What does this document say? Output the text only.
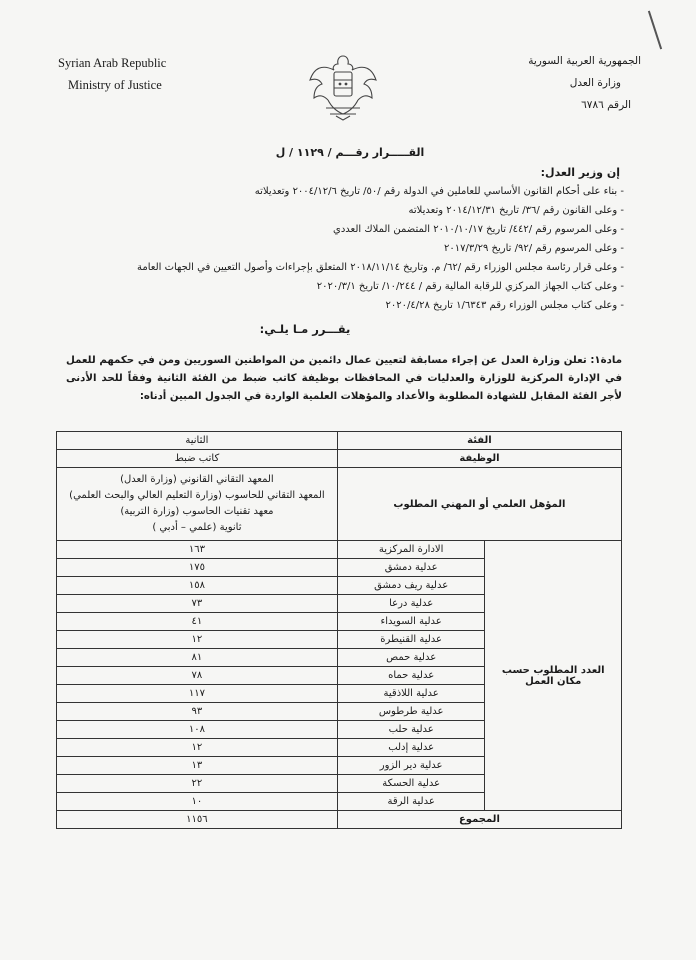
Syrian Arab Republic
Ministry of Justice
الجمهورية العربية السورية
وزارة العدل
الرقم ٦٧٨٦
القـــــرار رقـــم / ١١٢٩ / ل
إن وزير العدل:
- بناء على أحكام القانون الأساسي للعاملين في الدولة رقم /٥٠/ تاريخ ٢٠٠٤/١٢/٦ وتعديلاته
- وعلى القانون رقم /٣٦/ تاريخ ٢٠١٤/١٢/٣١ وتعديلاته
- وعلى المرسوم رقم /٤٤٢/ تاريخ ٢٠١٠/١٠/١٧ المتضمن الملاك العددي
- وعلى المرسوم رقم /٩٢/ تاريخ ٢٠١٧/٣/٢٩
- وعلى قرار رئاسة مجلس الوزراء رقم /٦٢/ م. وتاريخ ٢٠١٨/١١/١٤ المتعلق بإجراءات وأصول التعيين في الجهات العامة
- وعلى كتاب الجهاز المركزي للرقابة المالية رقم / ١٠/٢٤٤/ تاريخ ٢٠٢٠/٣/١
- وعلى كتاب مجلس الوزراء رقم ١/٦٣٤٣ تاريخ ٢٠٢٠/٤/٢٨
يقـــرر مـا يلـي:
مادة١: تعلن وزارة العدل عن إجراء مسابقة لتعيين عمال دائمين من المواطنين السوريين ومن في حكمهم للعمل في الإدارة المركزية للوزارة والعدليات في المحافظات بوظيفة كاتب ضبط من الفئة الثانية وفقاً للحد الأدنى لأجر الفئة المقابل للشهادة المطلوبة والأعداد والمؤهلات العلمية الواردة في الجدول المبين أدناه:
الفئة		الثانية
الوظيفة		كاتب ضبط
المؤهل العلمي أو المهني المطلوب		المعهد التقاني القانوني (وزارة العدل)
المعهد التقاني للحاسوب (وزارة التعليم العالي والبحث العلمي)
معهد تقنيات الحاسوب (وزارة التربية)
ثانوية (علمي – أدبي )

العدد المطلوب حسب مكان العمل	الادارة المركزية	١٦٣
	عدلية دمشق	١٧٥
	عدلية ريف دمشق	١٥٨
	عدلية درعا	٧٣
	عدلية السويداء	٤١
	عدلية القنيطرة	١٢
	عدلية حمص	٨١
	عدلية حماه	٧٨
	عدلية اللاذقية	١١٧
	عدلية طرطوس	٩٣
	عدلية حلب	١٠٨
	عدلية إدلب	١٢
	عدلية دير الزور	١٣
	عدلية الحسكة	٢٢
	عدلية الرقة	١٠
المجموع		١١٥٦
